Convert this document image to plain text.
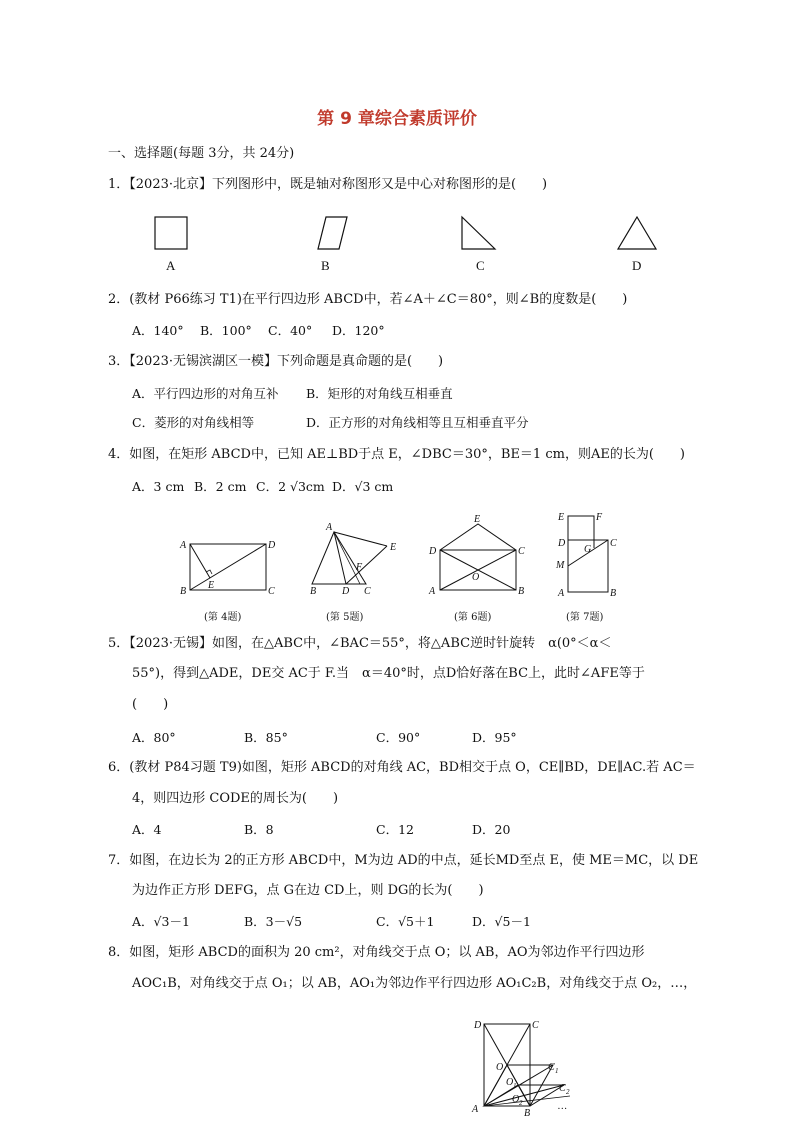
第 9 章综合素质评价
一、选择题(每题 3分，共 24分)
1．【2023·北京】下列图形中，既是轴对称图形又是中心对称图形的是(　　)
A	B	C	D
2．(教材 P66练习 T1)在平行四边形 ABCD中，若∠A＋∠C＝80°，则∠B的度数是(　　)
A．140° B．100° C．40° D．120°
3．【2023·无锡滨湖区一模】下列命题是真命题的是(　　)
A．平行四边形的对角互补 B．矩形的对角线互相垂直
C．菱形的对角线相等	D．正方形的对角线相等且互相垂直平分
4．如图，在矩形 ABCD中，已知 AE⊥BD于点 E，∠DBC＝30°，BE＝1 cm，则AE的长为(　　)
A．3 cm B．2 cm C．2 √3cm D．√3 cm
A	D
B	C
E
A
E
F
B	D C
E
D	C
O
A	B
E	F
D	C
G
M
A	B
(第 4题)	(第 5题)	(第 6题)	(第 7题)
5．【2023·无锡】如图，在△ABC中，∠BAC＝55°，将△ABC逆时针旋转　α(0°＜α＜
55°)，得到△ADE，DE交 AC于 F.当　α＝40°时，点D恰好落在BC上，此时∠AFE等于
(　　)
A．80°	B．85°	C．90°	D．95°
6．(教材 P84习题 T9)如图，矩形 ABCD的对角线 AC，BD相交于点 O，CE∥BD，DE∥AC.若 AC＝
4，则四边形 CODE的周长为(　　)
A．4	B．8	C．12	D．20
7．如图，在边长为 2的正方形 ABCD中，M为边 AD的中点，延长MD至点 E，使 ME＝MC，以 DE
为边作正方形 DEFG，点 G在边 CD上，则 DG的长为(　　)
A．√3－1	B．3－√5	C．√5＋1	D．√5－1
8．如图，矩形 ABCD的面积为 20 cm²，对角线交于点 O；以 AB，AO为邻边作平行四边形
AOC₁B，对角线交于点 O₁；以 AB，AO₁为邻边作平行四边形 AO₁C₂B，对角线交于点 O₂，…，
D	C
O
O 1
O 2
C 1
C 2
A	B
…
